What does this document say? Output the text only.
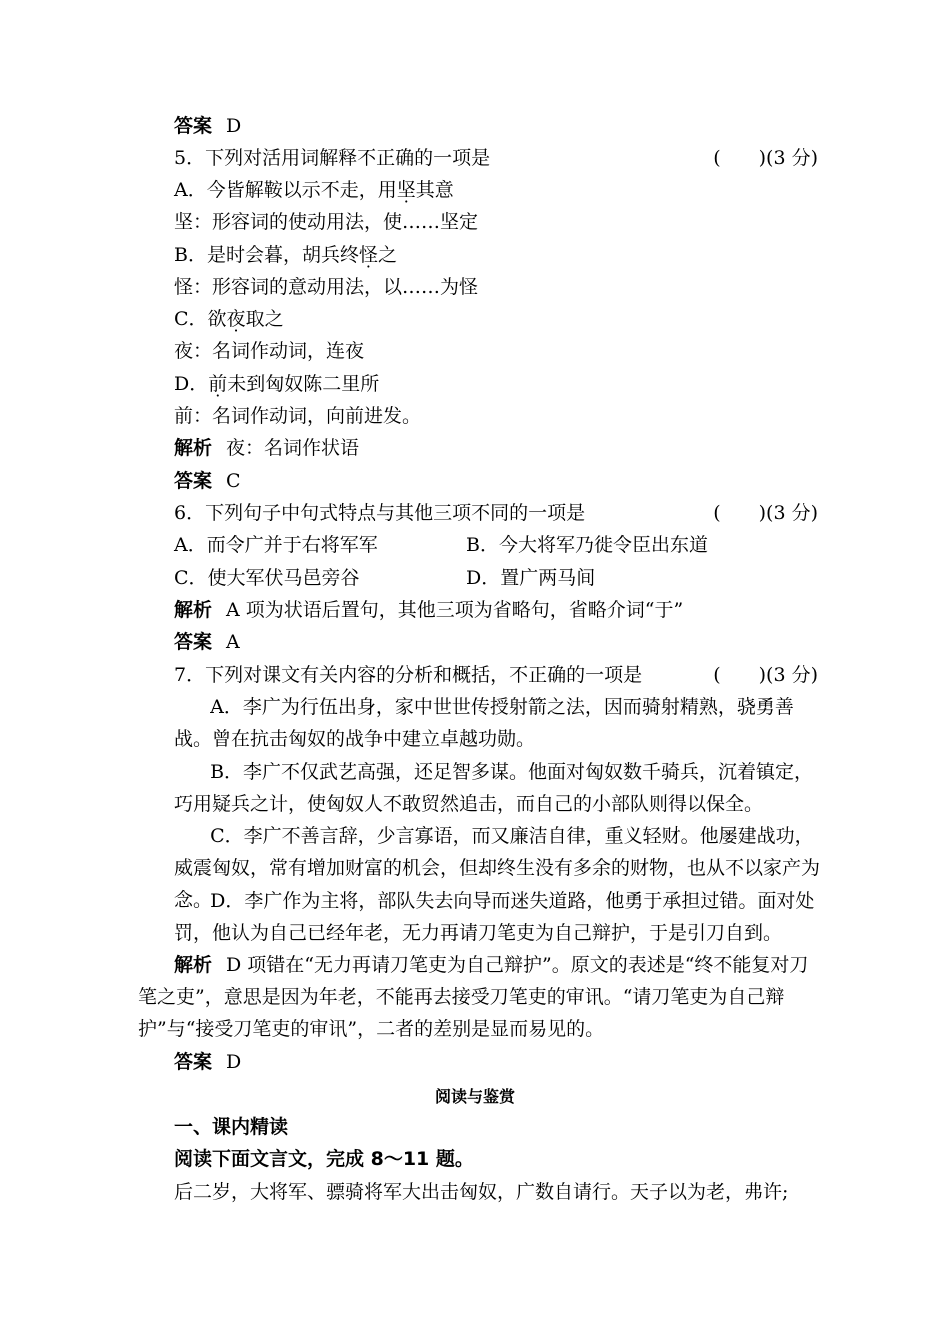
答案 D
5．下列对活用词解释不正确的一项是	(　　)(3 分)
A．今皆解鞍以示不走，用坚其意
坚：形容词的使动用法，使……坚定
B．是时会暮，胡兵终怪之
怪：形容词的意动用法，以……为怪
C．欲夜取之
夜：名词作动词，连夜
D．前未到匈奴陈二里所
前：名词作动词，向前进发。
解析 夜：名词作状语
答案 C
6．下列句子中句式特点与其他三项不同的一项是	(　　)(3 分)
A．而令广并于右将军军	B．今大将军乃徙令臣出东道
C．使大军伏马邑旁谷	D．置广两马间
解析 A 项为状语后置句，其他三项为省略句，省略介词“于”
答案 A
7．下列对课文有关内容的分析和概括，不正确的一项是	(　　)(3 分)
A．李广为行伍出身，家中世世传授射箭之法，因而骑射精熟，骁勇善战。曾在抗击匈奴的战争中建立卓越功勋。
B．李广不仅武艺高强，还足智多谋。他面对匈奴数千骑兵，沉着镇定，巧用疑兵之计，使匈奴人不敢贸然追击，而自己的小部队则得以保全。
C．李广不善言辞，少言寡语，而又廉洁自律，重义轻财。他屡建战功，威震匈奴，常有增加财富的机会，但却终生没有多余的财物，也从不以家产为念。
D．李广作为主将，部队失去向导而迷失道路，他勇于承担过错。面对处罚，他认为自己已经年老，无力再请刀笔吏为自己辩护，于是引刀自到。
解析 D 项错在“无力再请刀笔吏为自己辩护”。原文的表述是“终不能复对刀笔之吏”，意思是因为年老，不能再去接受刀笔吏的审讯。“请刀笔吏为自己辩护”与“接受刀笔吏的审讯”，二者的差别是显而易见的。
答案 D
阅读与鉴赏
一、课内精读
阅读下面文言文，完成 8～11 题。
后二岁，大将军、骠骑将军大出击匈奴，广数自请行。天子以为老，弗许;
